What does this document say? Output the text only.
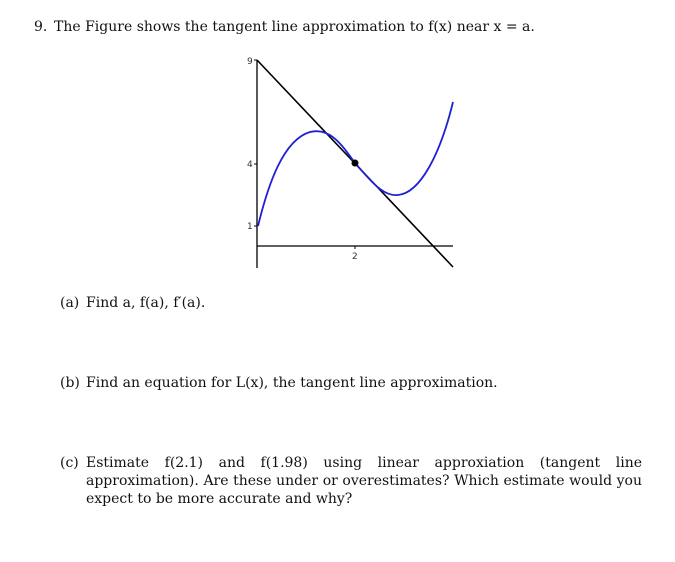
9. The Figure shows the tangent line approximation to f(x) near x = a.
9
4
1
2
(a) Find a, f(a), f′(a).
(b) Find an equation for L(x), the tangent line approximation.
(c) Estimate f(2.1) and f(1.98) using linear approxiation (tangent line approximation). Are these under or overestimates? Which estimate would you expect to be more accurate and why?
